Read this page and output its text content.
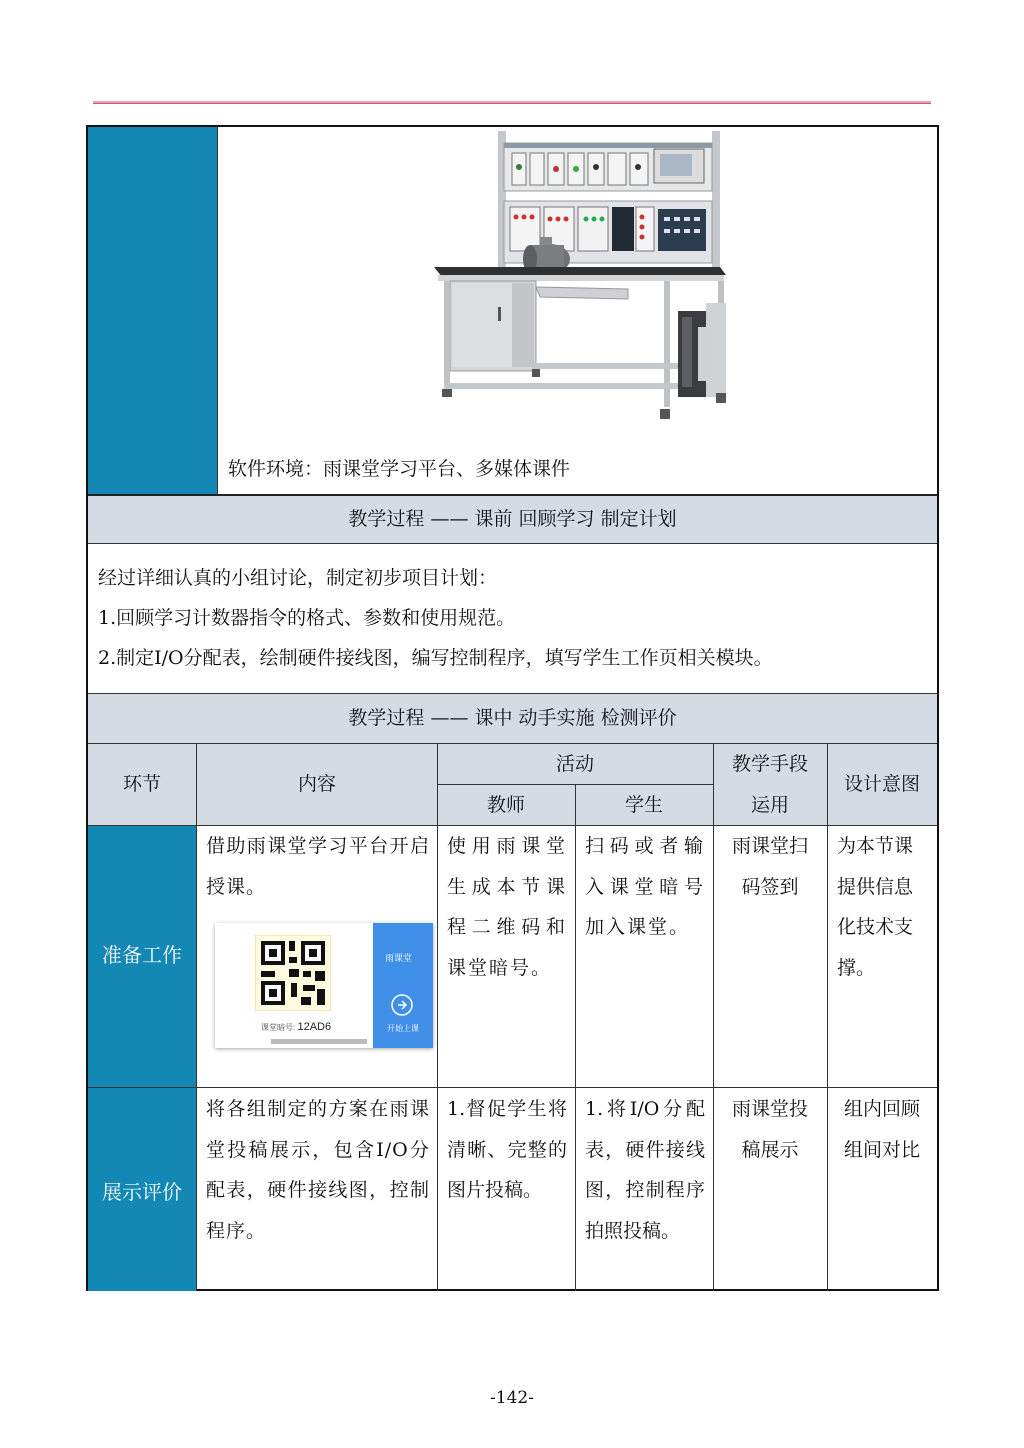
软件环境：雨课堂学习平台、多媒体课件
教学过程 —— 课前 回顾学习 制定计划
经过详细认真的小组讨论，制定初步项目计划：
1.回顾学习计数器指令的格式、参数和使用规范。
2.制定I/O分配表，绘制硬件接线图，编写控制程序，填写学生工作页相关模块。
教学过程 —— 课中 动手实施 检测评价
环节	内容
活动
教师	学生
教学手段
运用
设计意图
准备工作
借助雨课堂学习平台开启授课。
课堂暗号: 12AD6
雨课堂
开始上课
使用雨课堂生成本节课程二维码和课堂暗号。
扫码或者输入课堂暗号加入课堂。
雨课堂扫码签到
为本节课提供信息化技术支撑。
展示评价
将各组制定的方案在雨课堂投稿展示，包含I/O分配表，硬件接线图，控制程序。
1.督促学生将清晰、完整的图片投稿。
1.将I/O分配表，硬件接线图，控制程序拍照投稿。
雨课堂投稿展示
组内回顾组间对比
-142-
